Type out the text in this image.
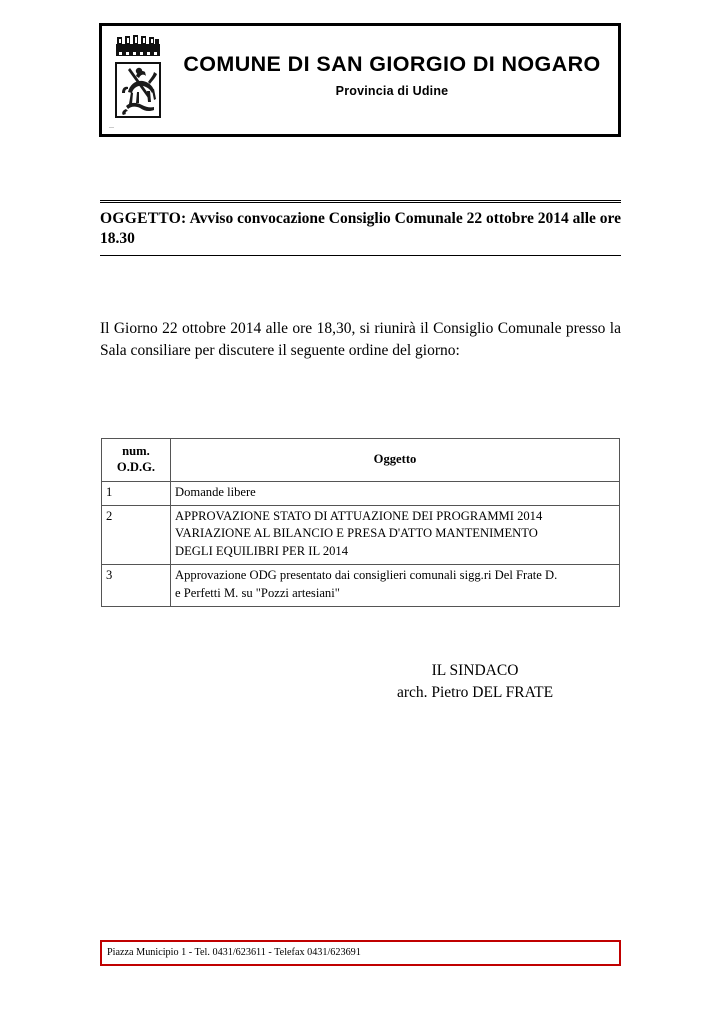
—
COMUNE DI SAN GIORGIO DI NOGARO
Provincia di Udine
OGGETTO: Avviso convocazione Consiglio Comunale 22 ottobre 2014 alle ore 18.30
Il Giorno 22 ottobre 2014 alle ore 18,30, si riunirà il Consiglio Comunale presso la Sala consiliare per discutere il seguente ordine del giorno:
num.
O.D.G.	Oggetto
1	Domande libere

2	APPROVAZIONE STATO DI ATTUAZIONE DEI PROGRAMMI 2014
VARIAZIONE AL BILANCIO E PRESA D'ATTO MANTENIMENTO
DEGLI EQUILIBRI PER IL 2014

3	Approvazione ODG presentato dai consiglieri comunali sigg.ri Del Frate D.
e Perfetti M. su "Pozzi artesiani"
IL SINDACO
arch. Pietro DEL FRATE
Piazza Municipio 1 - Tel. 0431/623611 - Telefax 0431/623691
